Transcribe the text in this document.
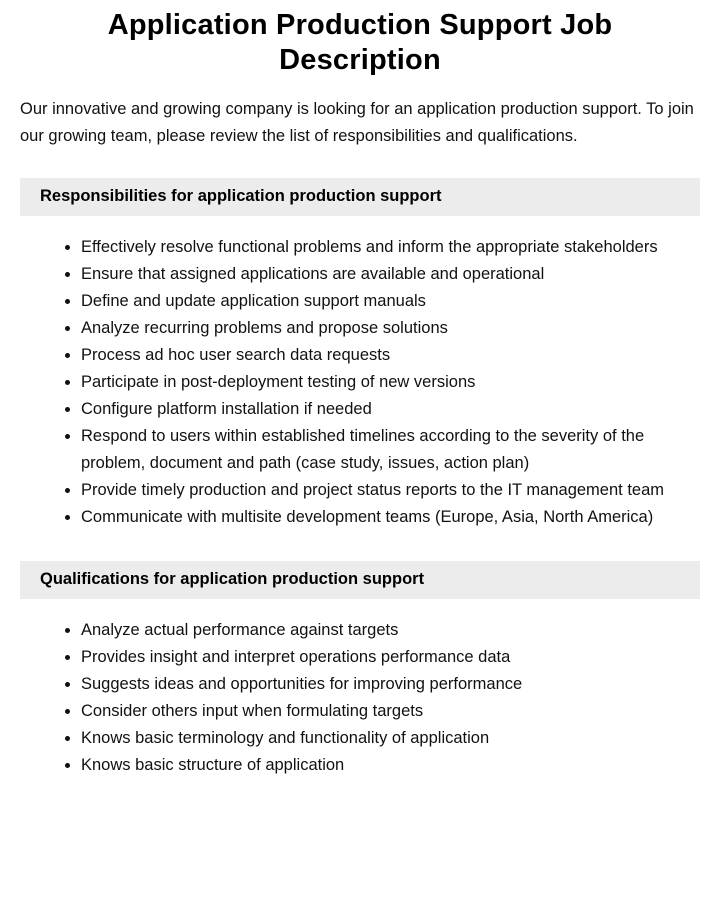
Application Production Support Job Description

Our innovative and growing company is looking for an application production support. To join our growing team, please review the list of responsibilities and qualifications.

Responsibilities for application production support
Effectively resolve functional problems and inform the appropriate stakeholders
Ensure that assigned applications are available and operational
Define and update application support manuals
Analyze recurring problems and propose solutions
Process ad hoc user search data requests
Participate in post-deployment testing of new versions
Configure platform installation if needed
Respond to users within established timelines according to the severity of the problem, document and path (case study, issues, action plan)
Provide timely production and project status reports to the IT management team
Communicate with multisite development teams (Europe, Asia, North America)
Qualifications for application production support
Analyze actual performance against targets
Provides insight and interpret operations performance data
Suggests ideas and opportunities for improving performance
Consider others input when formulating targets
Knows basic terminology and functionality of application
Knows basic structure of application
